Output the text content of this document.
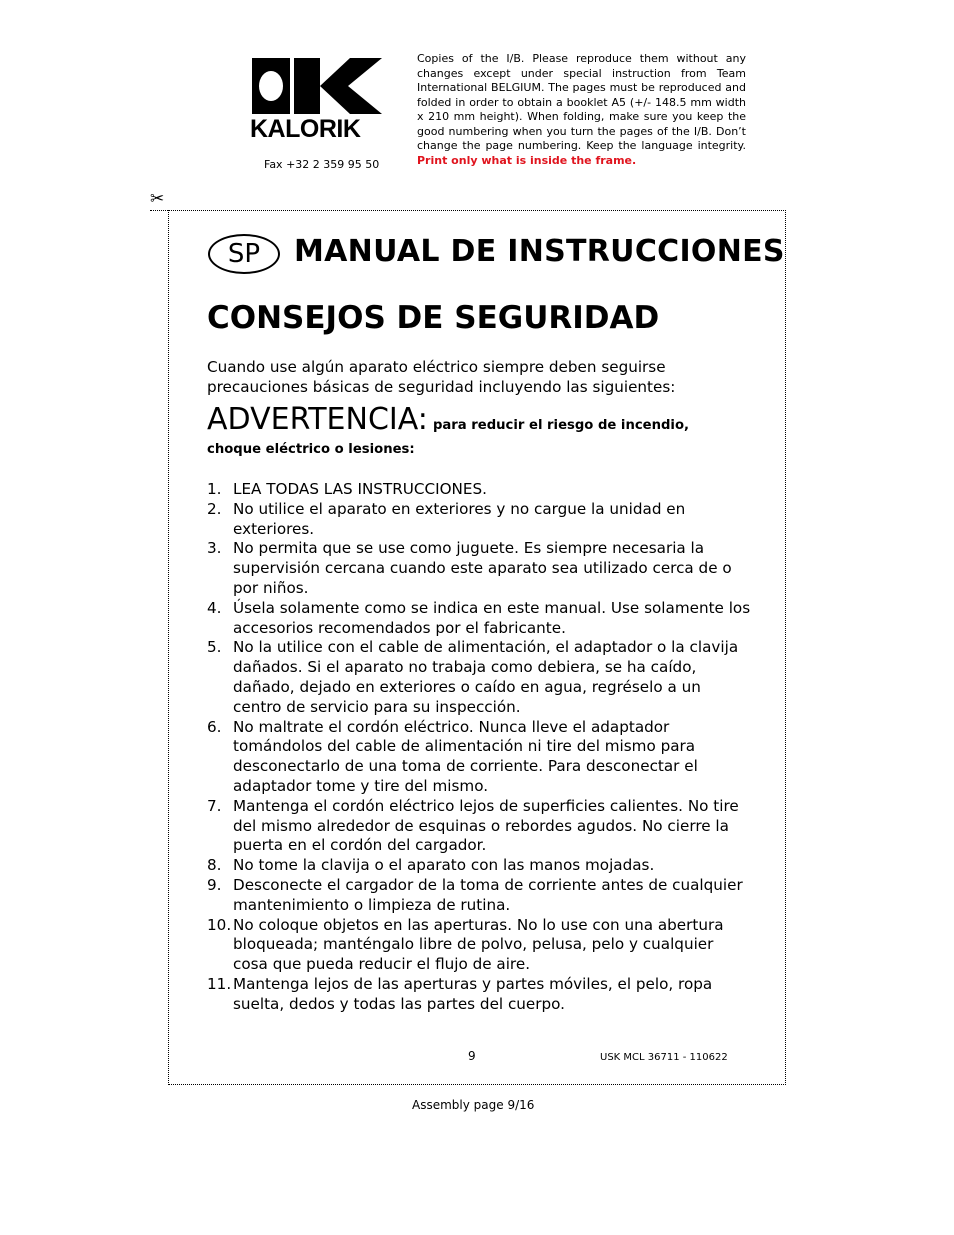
KALORIK
Fax +32 2 359 95 50
Copies of the I/B. Please reproduce them without any changes except under special instruction from Team International BELGIUM. The pages must be reproduced and folded in order to obtain a booklet A5 (+/- 148.5 mm width x 210 mm height). When folding, make sure you keep the good numbering when you turn the pages of the I/B. Don’t change the page numbering. Keep the language integrity. Print only what is inside the frame.
✂
SP	MANUAL DE INSTRUCCIONES
CONSEJOS DE SEGURIDAD
Cuando use algún aparato eléctrico siempre deben seguirse precauciones básicas de seguridad incluyendo las siguientes:
ADVERTENCIA: para reducir el riesgo de incendio,
choque eléctrico o lesiones:
1. LEA TODAS LAS INSTRUCCIONES.
2. No utilice el aparato en exteriores y no cargue la unidad en exteriores.
3. No permita que se use como juguete. Es siempre necesaria la supervisión cercana cuando este aparato sea utilizado cerca de o por niños.
4. Úsela solamente como se indica en este manual. Use solamente los accesorios recomendados por el fabricante.
5. No la utilice con el cable de alimentación, el adaptador o la clavija dañados. Si el aparato no trabaja como debiera, se ha caído, dañado, dejado en exteriores o caído en agua, regréselo a un centro de servicio para su inspección.
6. No maltrate el cordón eléctrico. Nunca lleve el adaptador tomándolos del cable de alimentación ni tire del mismo para desconectarlo de una toma de corriente. Para desconectar el adaptador tome y tire del mismo.
7. Mantenga el cordón eléctrico lejos de superficies calientes. No tire del mismo alrededor de esquinas o rebordes agudos. No cierre la puerta en el cordón del cargador.
8. No tome la clavija o el aparato con las manos mojadas.
9. Desconecte el cargador de la toma de corriente antes de cualquier mantenimiento o limpieza de rutina.
10. No coloque objetos en las aperturas. No lo use con una abertura bloqueada; manténgalo libre de polvo, pelusa, pelo y cualquier cosa que pueda reducir el flujo de aire.
11. Mantenga lejos de las aperturas y partes móviles, el pelo, ropa suelta, dedos y todas las partes del cuerpo.
9	USK MCL 36711 - 110622
Assembly page 9/16
